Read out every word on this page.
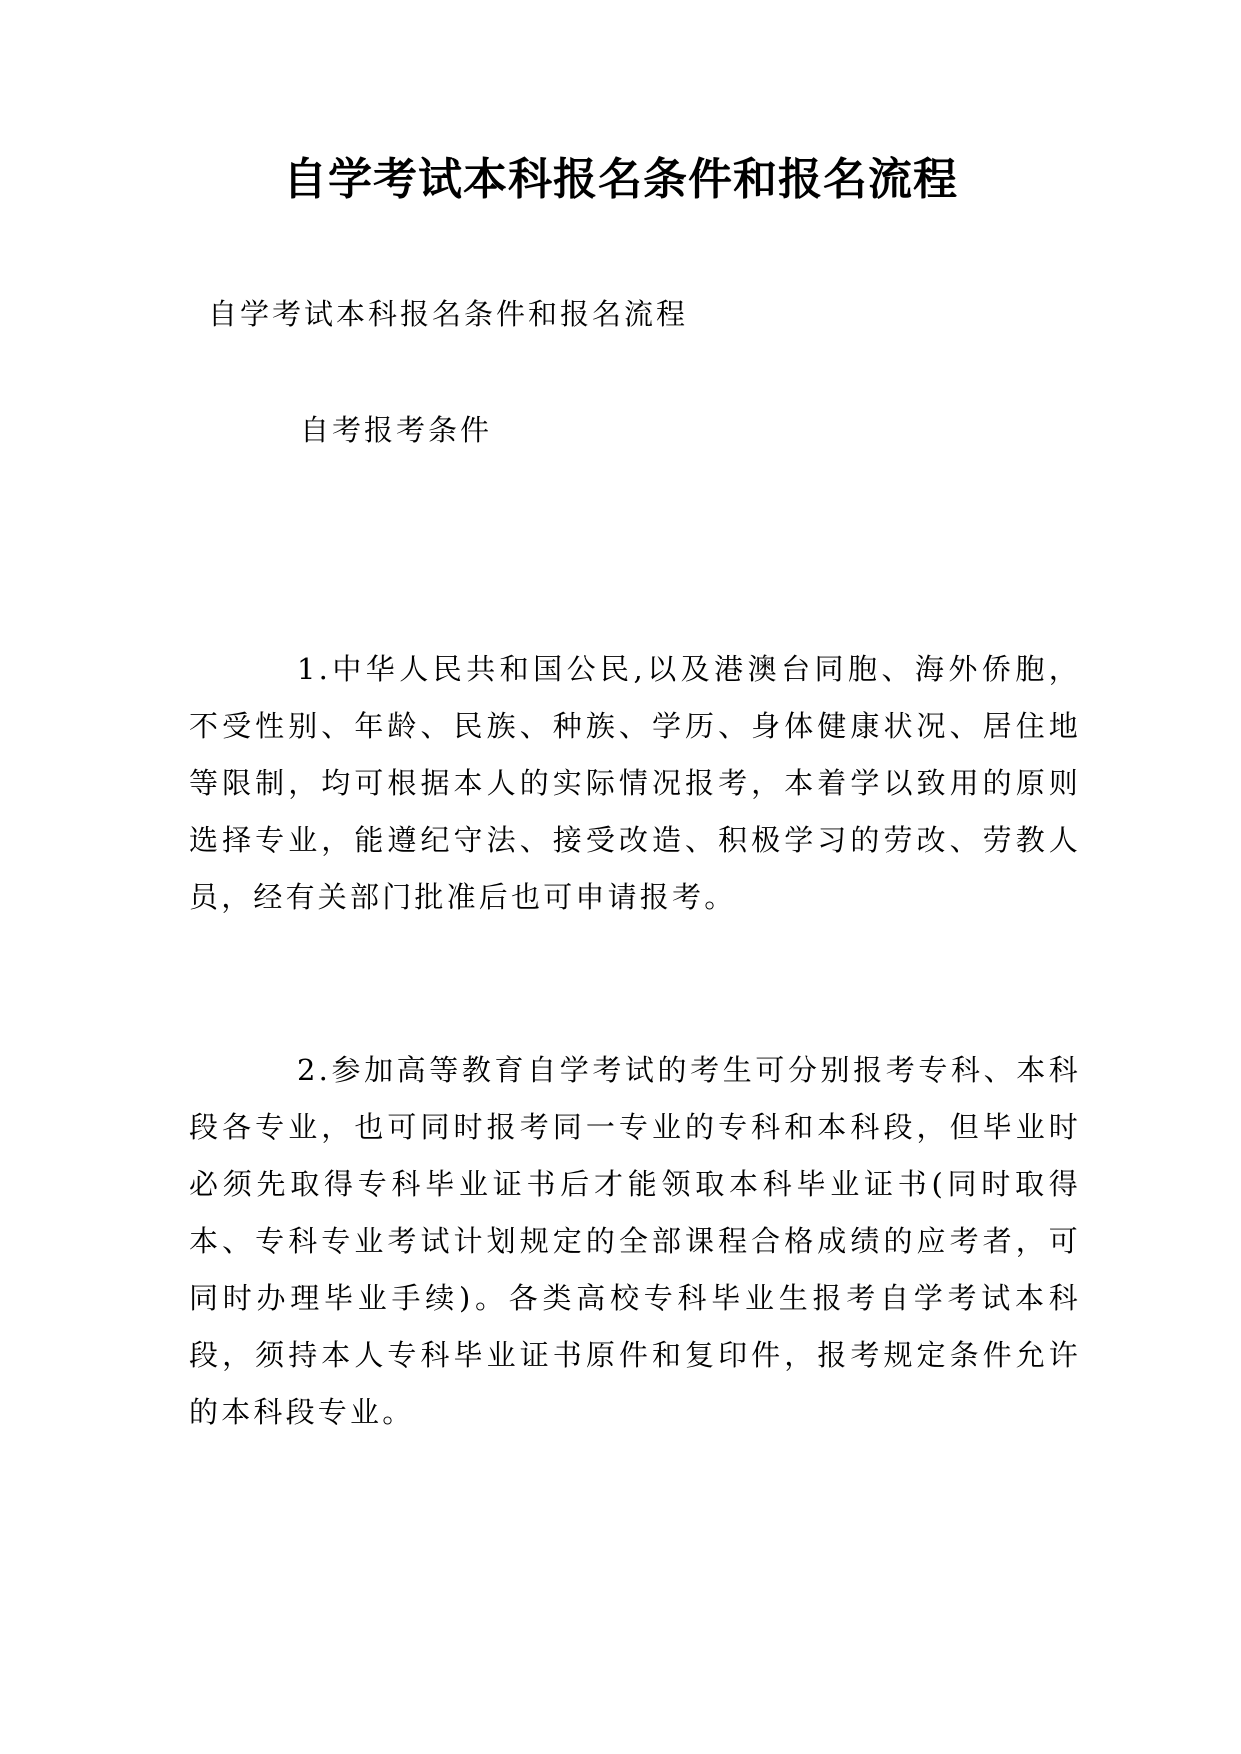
自学考试本科报名条件和报名流程
自学考试本科报名条件和报名流程
自考报考条件

1.中华人民共和国公民,以及港澳台同胞、海外侨胞，不受性别、年龄、民族、种族、学历、身体健康状况、居住地等限制，均可根据本人的实际情况报考，本着学以致用的原则选择专业，能遵纪守法、接受改造、积极学习的劳改、劳教人员，经有关部门批准后也可申请报考。

2.参加高等教育自学考试的考生可分别报考专科、本科段各专业，也可同时报考同一专业的专科和本科段，但毕业时必须先取得专科毕业证书后才能领取本科毕业证书(同时取得本、专科专业考试计划规定的全部课程合格成绩的应考者，可同时办理毕业手续)。各类高校专科毕业生报考自学考试本科段，须持本人专科毕业证书原件和复印件，报考规定条件允许的本科段专业。
